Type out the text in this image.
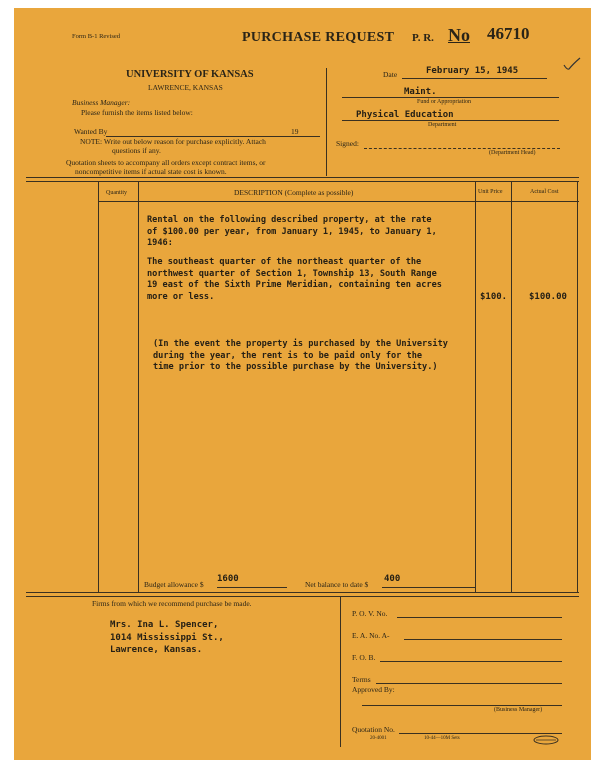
Form B-1 Revised	PURCHASE REQUEST P. R. No 46710
UNIVERSITY OF KANSAS
LAWRENCE, KANSAS
Business Manager:
Please furnish the items listed below:
Wanted By	19
NOTE: Write out below reason for purchase explicitly. Attach
questions if any.
Quotation sheets to accompany all orders except contract items, or
noncompetitive items if actual state cost is known.
Date	February 15, 1945
Maint.
Fund or Appropriation
Physical Education
Department
Signed:
(Department Head)
Quantity	DESCRIPTION (Complete as possible)	Unit Price	Actual Cost
Rental on the following described property, at the rate
of $100.00 per year, from January 1, 1945, to January 1,
1946:
The southeast quarter of the northeast quarter of the
northwest quarter of Section 1, Township 13, South Range
19 east of the Sixth Prime Meridian, containing ten acres
more or less.
(In the event the property is purchased by the University
during the year, the rent is to be paid only for the
time prior to the possible purchase by the University.)
$100. $100.00
Budget allowance $
1600
Net balance to date $
400
Firms from which we recommend purchase be made.
Mrs. Ina L. Spencer,
1014 Mississippi St.,
Lawrence, Kansas.
P. O. V. No.
E. A. No. A-
F. O. B.
Terms
Approved By:
(Business Manager)
Quotation No.
20-4001	10-44—10M Sets
